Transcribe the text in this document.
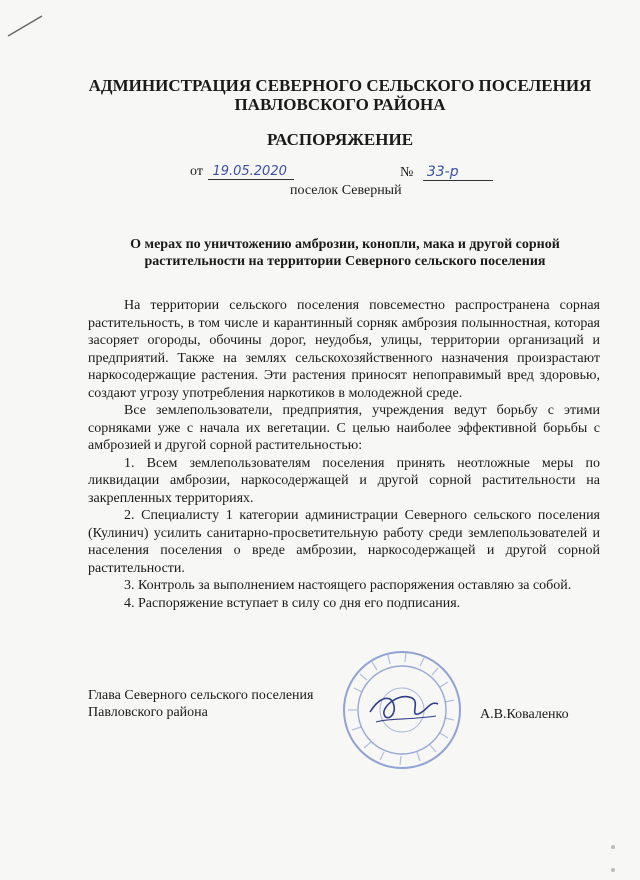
АДМИНИСТРАЦИЯ СЕВЕРНОГО СЕЛЬСКОГО ПОСЕЛЕНИЯ
ПАВЛОВСКОГО РАЙОНА
РАСПОРЯЖЕНИЕ
от 19.05.2020	№ 33-р
поселок Северный
О мерах по уничтожению амброзии, конопли, мака и другой сорной
растительности на территории Северного сельского поселения

На территории сельского поселения повсеместно распространена сорная растительность, в том числе и карантинный сорняк амброзия полынностная, которая засоряет огороды, обочины дорог, неудобья, улицы, территории организаций и предприятий. Также на землях сельскохозяйственного назначения произрастают наркосодержащие растения. Эти растения приносят непоправимый вред здоровью, создают угрозу употребления наркотиков в молодежной среде.

Все землепользователи, предприятия, учреждения ведут борьбу с этими сорняками уже с начала их вегетации. С целью наиболее эффективной борьбы с амброзией и другой сорной растительностью:

1. Всем землепользователям поселения принять неотложные меры по ликвидации амброзии, наркосодержащей и другой сорной растительности на закрепленных территориях.

2. Специалисту 1 категории администрации Северного сельского поселения (Кулинич) усилить санитарно-просветительную работу среди землепользователей и населения поселения о вреде амброзии, наркосодержащей и другой сорной растительности.

3. Контроль за выполнением настоящего распоряжения оставляю за собой.

4. Распоряжение вступает в силу со дня его подписания.

Глава Северного сельского поселения
Павловского района	А.В.Коваленко
